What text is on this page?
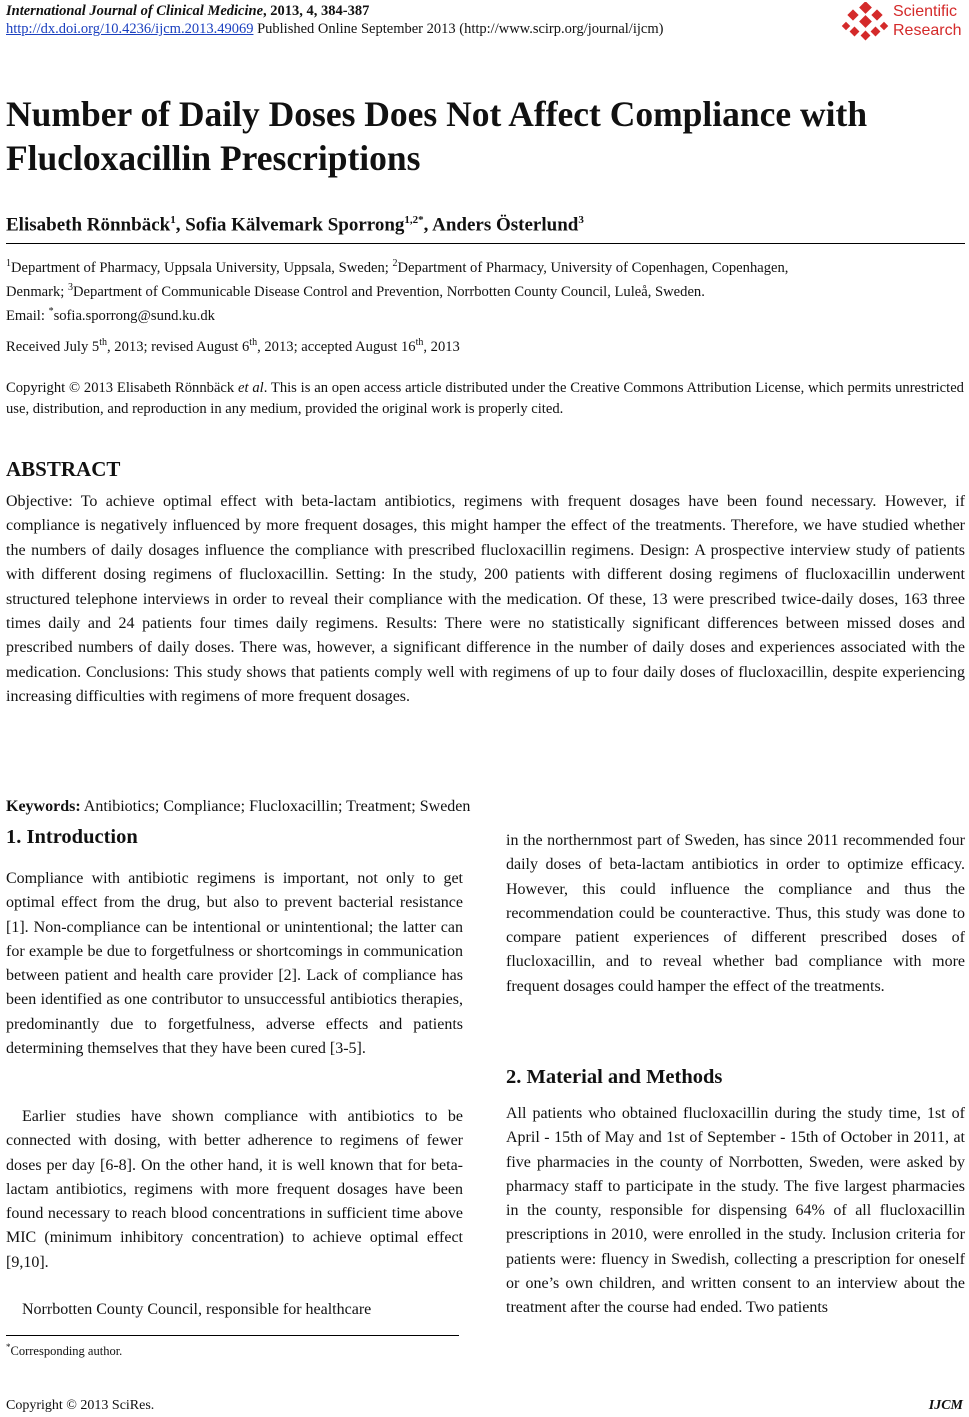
International Journal of Clinical Medicine, 2013, 4, 384-387
http://dx.doi.org/10.4236/ijcm.2013.49069 Published Online September 2013 (http://www.scirp.org/journal/ijcm)
Scientific
Research
Number of Daily Doses Does Not Affect Compliance with Flucloxacillin Prescriptions
Elisabeth Rönnbäck$^1$, Sofia Kälvemark Sporrong$^{1,2*}$, Anders Österlund$^3$
$^1$Department of Pharmacy, Uppsala University, Uppsala, Sweden; $^2$Department of Pharmacy, University of Copenhagen, Copenhagen,
Denmark; $^3$Department of Communicable Disease Control and Prevention, Norrbotten County Council, Luleå, Sweden.
Email: *sofia.sporrong@sund.ku.dk
Received July 5th, 2013; revised August 6th, 2013; accepted August 16th, 2013
Copyright © 2013 Elisabeth Rönnbäck et al. This is an open access article distributed under the Creative Commons Attribution License, which permits unrestricted use, distribution, and reproduction in any medium, provided the original work is properly cited.
ABSTRACT
Objective: To achieve optimal effect with beta-lactam antibiotics, regimens with frequent dosages have been found necessary. However, if compliance is negatively influenced by more frequent dosages, this might hamper the effect of the treatments. Therefore, we have studied whether the numbers of daily dosages influence the compliance with prescribed flucloxacillin regimens. Design: A prospective interview study of patients with different dosing regimens of flucloxacillin. Setting: In the study, 200 patients with different dosing regimens of flucloxacillin underwent structured telephone interviews in order to reveal their compliance with the medication. Of these, 13 were prescribed twice-daily doses, 163 three times daily and 24 patients four times daily regimens. Results: There were no statistically significant differences between missed doses and prescribed numbers of daily doses. There was, however, a significant difference in the number of daily doses and experiences associated with the medication. Conclusions: This study shows that patients comply well with regimens of up to four daily doses of flucloxacillin, despite experiencing increasing difficulties with regimens of more frequent dosages.
Keywords: Antibiotics; Compliance; Flucloxacillin; Treatment; Sweden
1. Introduction
Compliance with antibiotic regimens is important, not only to get optimal effect from the drug, but also to prevent bacterial resistance [1]. Non-compliance can be intentional or unintentional; the latter can for example be due to forgetfulness or shortcomings in communication between patient and health care provider [2]. Lack of compliance has been identified as one contributor to unsuccessful antibiotics therapies, predominantly due to forgetfulness, adverse effects and patients determining themselves that they have been cured [3-5].
Earlier studies have shown compliance with antibiotics to be connected with dosing, with better adherence to regimens of fewer doses per day [6-8]. On the other hand, it is well known that for beta-lactam antibiotics, regimens with more frequent dosages have been found necessary to reach blood concentrations in sufficient time above MIC (minimum inhibitory concentration) to achieve optimal effect [9,10].
Norrbotten County Council, responsible for healthcare
*Corresponding author.
in the northernmost part of Sweden, has since 2011 recommended four daily doses of beta-lactam antibiotics in order to optimize efficacy. However, this could influence the compliance and thus the recommendation could be counteractive. Thus, this study was done to compare patient experiences of different prescribed doses of flucloxacillin, and to reveal whether bad compliance with more frequent dosages could hamper the effect of the treatments.
2. Material and Methods
All patients who obtained flucloxacillin during the study time, 1st of April - 15th of May and 1st of September - 15th of October in 2011, at five pharmacies in the county of Norrbotten, Sweden, were asked by pharmacy staff to participate in the study. The five largest pharmacies in the county, responsible for dispensing 64% of all flucloxacillin prescriptions in 2010, were enrolled in the study. Inclusion criteria for patients were: fluency in Swedish, collecting a prescription for oneself or one’s own children, and written consent to an interview about the treatment after the course had ended. Two patients
Copyright © 2013 SciRes.	IJCM
